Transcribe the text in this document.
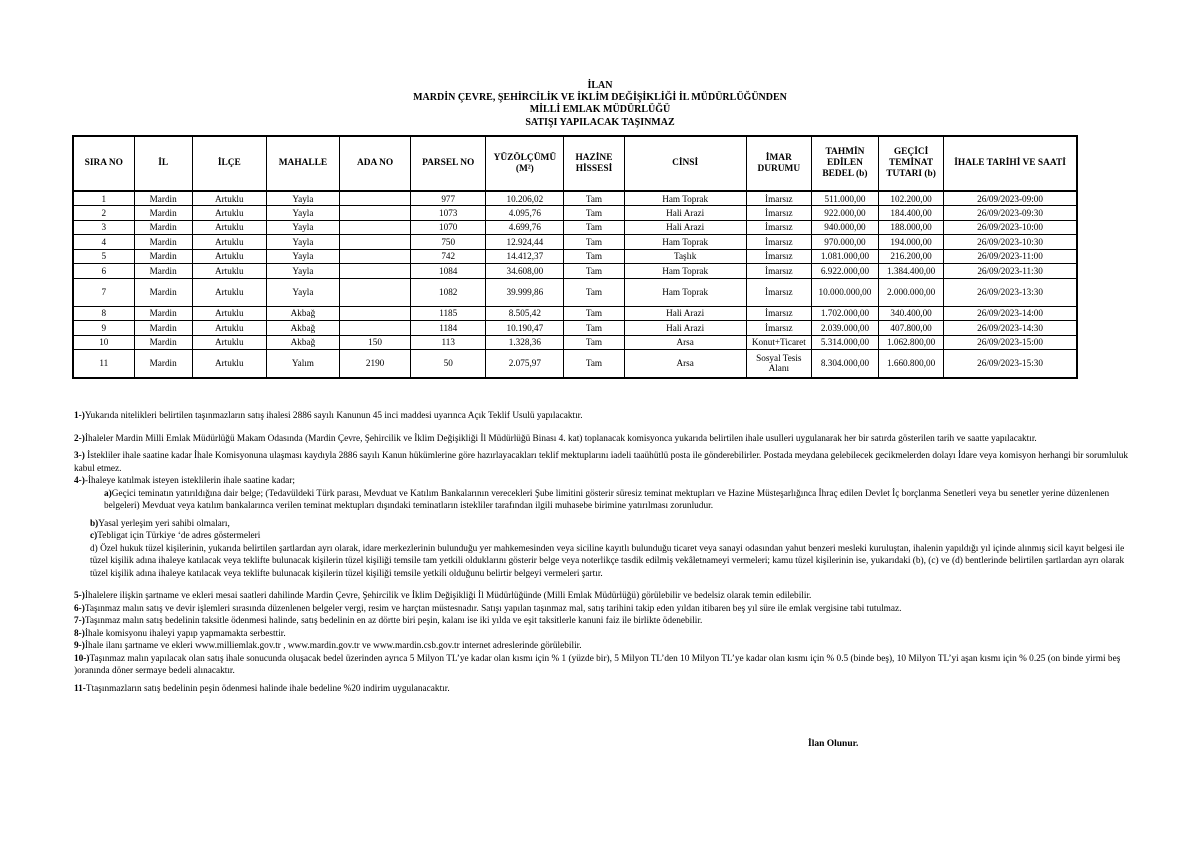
İLAN
MARDİN ÇEVRE, ŞEHİRCİLİK VE İKLİM DEĞİŞİKLİĞİ İL MÜDÜRLÜĞÜNDEN
MİLLİ EMLAK MÜDÜRLÜĞÜ
SATIŞI YAPILACAK TAŞINMAZ
SIRA NO	İL	İLÇE	MAHALLE	ADA NO	PARSEL NO	YÜZÖLÇÜMÜ (M²)	HAZİNE HİSSESİ	CİNSİ	İMAR DURUMU	TAHMİN EDİLEN BEDEL (b)	GEÇİCİ TEMİNAT TUTARI (b)	İHALE TARİHİ VE SAATİ
1	Mardin	Artuklu	Yayla		977	10.206,02	Tam	Ham Toprak	İmarsız	511.000,00	102.200,00	26/09/2023-09:00
2	Mardin	Artuklu	Yayla		1073	4.095,76	Tam	Hali Arazi	İmarsız	922.000,00	184.400,00	26/09/2023-09:30
3	Mardin	Artuklu	Yayla		1070	4.699,76	Tam	Hali Arazi	İmarsız	940.000,00	188.000,00	26/09/2023-10:00
4	Mardin	Artuklu	Yayla		750	12.924,44	Tam	Ham Toprak	İmarsız	970.000,00	194.000,00	26/09/2023-10:30
5	Mardin	Artuklu	Yayla		742	14.412,37	Tam	Taşlık	İmarsız	1.081.000,00	216.200,00	26/09/2023-11:00
6	Mardin	Artuklu	Yayla		1084	34.608,00	Tam	Ham Toprak	İmarsız	6.922.000,00	1.384.400,00	26/09/2023-11:30
7	Mardin	Artuklu	Yayla		1082	39.999,86	Tam	Ham Toprak	İmarsız	10.000.000,00	2.000.000,00	26/09/2023-13:30
8	Mardin	Artuklu	Akbağ		1185	8.505,42	Tam	Hali Arazi	İmarsız	1.702.000,00	340.400,00	26/09/2023-14:00
9	Mardin	Artuklu	Akbağ		1184	10.190,47	Tam	Hali Arazi	İmarsız	2.039.000,00	407.800,00	26/09/2023-14:30
10	Mardin	Artuklu	Akbağ	150	113	1.328,36	Tam	Arsa	Konut+Ticaret	5.314.000,00	1.062.800,00	26/09/2023-15:00
11	Mardin	Artuklu	Yalım	2190	50	2.075,97	Tam	Arsa	Sosyal Tesis Alanı	8.304.000,00	1.660.800,00	26/09/2023-15:30

1-)Yukarıda nitelikleri belirtilen taşınmazların satış ihalesi 2886 sayılı Kanunun 45 inci maddesi uyarınca Açık Teklif Usulü yapılacaktır.

2-)İhaleler Mardin Milli Emlak Müdürlüğü Makam Odasında (Mardin Çevre, Şehircilik ve İklim Değişikliği İl Müdürlüğü Binası 4. kat) toplanacak komisyonca yukarıda belirtilen ihale usulleri uygulanarak her bir satırda gösterilen tarih ve saatte yapılacaktır.

3-) İstekliler ihale saatine kadar İhale Komisyonuna ulaşması kaydıyla 2886 sayılı Kanun hükümlerine göre hazırlayacakları teklif mektuplarını iadeli taaühütlü posta ile gönderebilirler. Postada meydana gelebilecek gecikmelerden dolayı İdare veya komisyon herhangi bir sorumluluk kabul etmez.

4-)-İhaleye katılmak isteyen isteklilerin ihale saatine kadar;

a)Geçici teminatın yatırıldığına dair belge; (Tedavüldeki Türk parası, Mevduat ve Katılım Bankalarının verecekleri Şube limitini gösterir süresiz teminat mektupları ve Hazine Müsteşarlığınca İhraç edilen Devlet İç borçlanma Senetleri veya bu senetler yerine düzenlenen belgeleri) Mevduat veya katılım bankalarınca verilen teminat mektupları dışındaki teminatların istekliler tarafından ilgili muhasebe birimine yatırılması zorunludur.

b)Yasal yerleşim yeri sahibi olmaları,

c)Tebligat için Türkiye ‘de adres göstermeleri

d) Özel hukuk tüzel kişilerinin, yukarıda belirtilen şartlardan ayrı olarak, idare merkezlerinin bulunduğu yer mahkemesinden veya siciline kayıtlı bulunduğu ticaret veya sanayi odasından yahut benzeri mesleki kuruluştan, ihalenin yapıldığı yıl içinde alınmış sicil kayıt belgesi ile tüzel kişilik adına ihaleye katılacak veya teklifte bulunacak kişilerin tüzel kişiliği temsile tam yetkili olduklarını gösterir belge veya noterlikçe tasdik edilmiş vekâletnameyi vermeleri; kamu tüzel kişilerinin ise, yukarıdaki (b), (c) ve (d) bentlerinde belirtilen şartlardan ayrı olarak tüzel kişilik adına ihaleye katılacak veya teklifte bulunacak kişilerin tüzel kişiliği temsile yetkili olduğunu belirtir belgeyi vermeleri şartır.

5-)İhalelere ilişkin şartname ve ekleri mesai saatleri dahilinde Mardin Çevre, Şehircilik ve İklim Değişikliği İl Müdürlüğünde (Milli Emlak Müdürlüğü) görülebilir ve bedelsiz olarak temin edilebilir.

6-)Taşınmaz malın satış ve devir işlemleri sırasında düzenlenen belgeler vergi, resim ve harçtan müstesnadır. Satışı yapılan taşınmaz mal, satış tarihini takip eden yıldan itibaren beş yıl süre ile emlak vergisine tabi tutulmaz.

7-)Taşınmaz malın satış bedelinin taksitle ödenmesi halinde, satış bedelinin en az dörtte biri peşin, kalanı ise iki yılda ve eşit taksitlerle kanuni faiz ile birlikte ödenebilir.

8-)İhale komisyonu ihaleyi yapıp yapmamakta serbesttir.

9-)İhale ilanı şartname ve ekleri www.milliemlak.gov.tr , www.mardin.gov.tr ve www.mardin.csb.gov.tr internet adreslerinde görülebilir.

10-)Taşınmaz malın yapılacak olan satış ihale sonucunda oluşacak bedel üzerinden ayrıca 5 Milyon TL’ye kadar olan kısmı için % 1 (yüzde bir), 5 Milyon TL’den 10 Milyon TL’ye kadar olan kısmı için % 0.5 (binde beş), 10 Milyon TL’yi aşan kısmı için % 0.25 (on binde yirmi beş )oranında döner sermaye bedeli alınacaktır.

11-Ttaşınmazların satış bedelinin peşin ödenmesi halinde ihale bedeline %20 indirim uygulanacaktır.

İlan Olunur.
